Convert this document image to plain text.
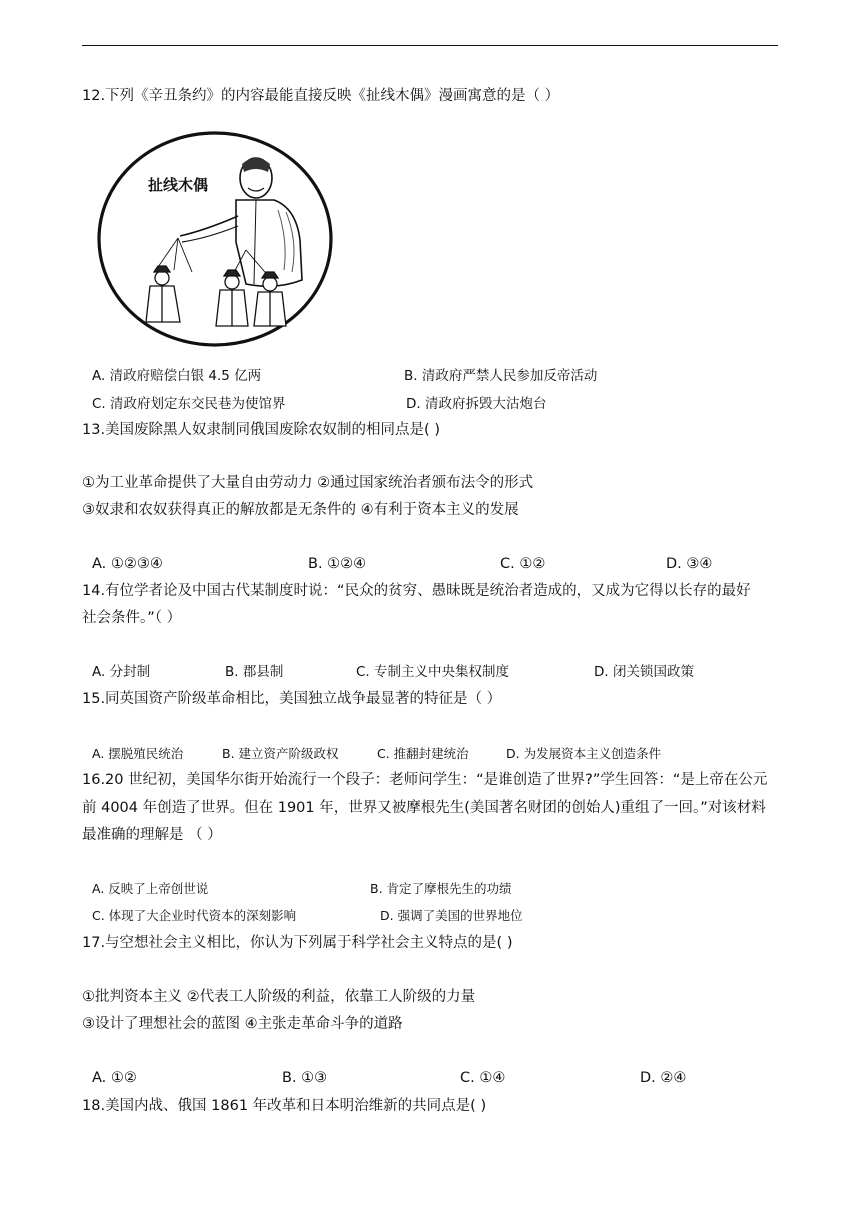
12.下列《辛丑条约》的内容最能直接反映《扯线木偶》漫画寓意的是（ ）
扯线木偶
A. 清政府赔偿白银 4.5 亿两	B. 清政府严禁人民参加反帝活动
C. 清政府划定东交民巷为使馆界	D. 清政府拆毁大沽炮台
13.美国废除黑人奴隶制同俄国废除农奴制的相同点是( )
①为工业革命提供了大量自由劳动力 ②通过国家统治者颁布法令的形式
③奴隶和农奴获得真正的解放都是无条件的 ④有利于资本主义的发展
A. ①②③④	B. ①②④	C. ①②	D. ③④
14.有位学者论及中国古代某制度时说：“民众的贫穷、愚昧既是统治者造成的，又成为它得以长存的最好
社会条件。”（ ）
A. 分封制	B. 郡县制	C. 专制主义中央集权制度	D. 闭关锁国政策
15.同英国资产阶级革命相比，美国独立战争最显著的特征是（ ）
A. 摆脱殖民统治	B. 建立资产阶级政权	C. 推翻封建统治	D. 为发展资本主义创造条件
16.20 世纪初，美国华尔街开始流行一个段子：老师问学生：“是谁创造了世界?”学生回答：“是上帝在公元
前 4004 年创造了世界。但在 1901 年，世界又被摩根先生(美国著名财团的创始人)重组了一回。”对该材料
最准确的理解是 （ ）
A. 反映了上帝创世说	B. 肯定了摩根先生的功绩
C. 体现了大企业时代资本的深刻影响	D. 强调了美国的世界地位
17.与空想社会主义相比，你认为下列属于科学社会主义特点的是( )
①批判资本主义 ②代表工人阶级的利益，依靠工人阶级的力量
③设计了理想社会的蓝图 ④主张走革命斗争的道路
A. ①②	B. ①③	C. ①④	D. ②④
18.美国内战、俄国 1861 年改革和日本明治维新的共同点是( )
